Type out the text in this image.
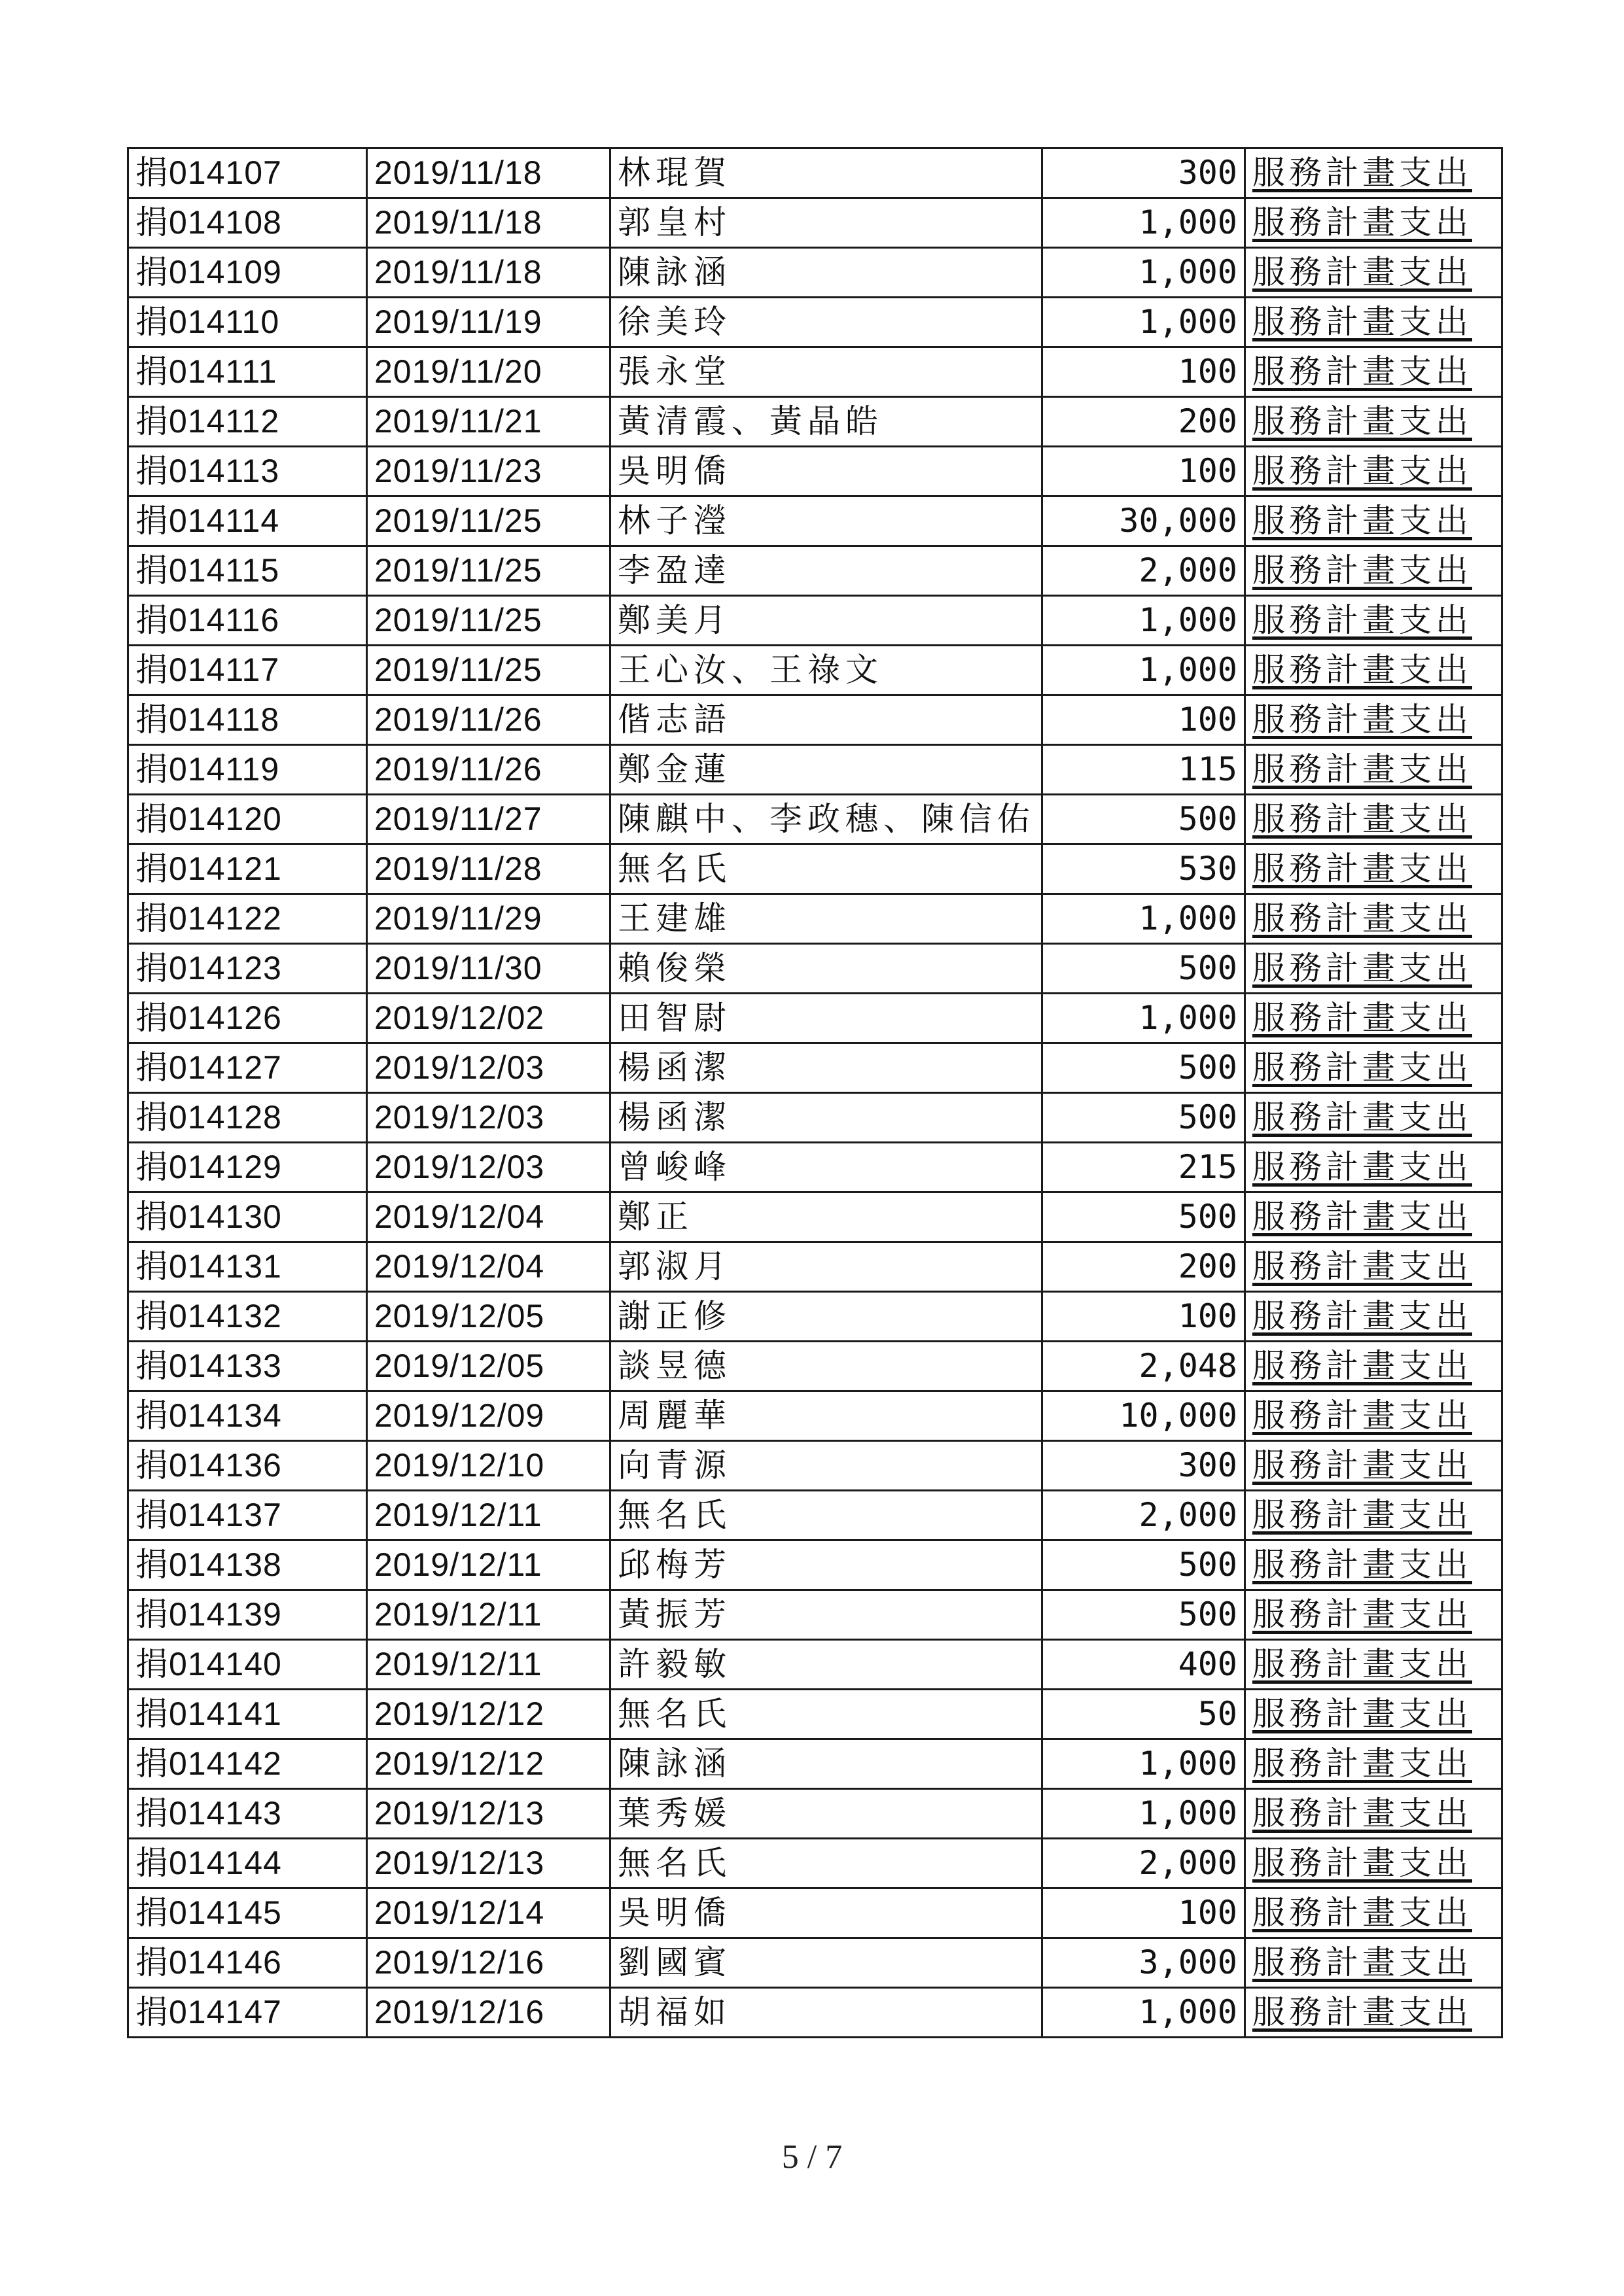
捐014107	2019/11/18	林琨賀	300	服務計畫支出
捐014108	2019/11/18	郭皇村	1,000	服務計畫支出
捐014109	2019/11/18	陳詠涵	1,000	服務計畫支出
捐014110	2019/11/19	徐美玲	1,000	服務計畫支出
捐014111	2019/11/20	張永堂	100	服務計畫支出
捐014112	2019/11/21	黃清霞、黃晶皓	200	服務計畫支出
捐014113	2019/11/23	吳明僑	100	服務計畫支出
捐014114	2019/11/25	林子瀅	30,000	服務計畫支出
捐014115	2019/11/25	李盈達	2,000	服務計畫支出
捐014116	2019/11/25	鄭美月	1,000	服務計畫支出
捐014117	2019/11/25	王心汝、王祿文	1,000	服務計畫支出
捐014118	2019/11/26	偕志語	100	服務計畫支出
捐014119	2019/11/26	鄭金蓮	115	服務計畫支出
捐014120	2019/11/27	陳麒中、李政穗、陳信佑	500	服務計畫支出
捐014121	2019/11/28	無名氏	530	服務計畫支出
捐014122	2019/11/29	王建雄	1,000	服務計畫支出
捐014123	2019/11/30	賴俊榮	500	服務計畫支出
捐014126	2019/12/02	田智尉	1,000	服務計畫支出
捐014127	2019/12/03	楊函潔	500	服務計畫支出
捐014128	2019/12/03	楊函潔	500	服務計畫支出
捐014129	2019/12/03	曾峻峰	215	服務計畫支出
捐014130	2019/12/04	鄭正	500	服務計畫支出
捐014131	2019/12/04	郭淑月	200	服務計畫支出
捐014132	2019/12/05	謝正修	100	服務計畫支出
捐014133	2019/12/05	談昱德	2,048	服務計畫支出
捐014134	2019/12/09	周麗華	10,000	服務計畫支出
捐014136	2019/12/10	向青源	300	服務計畫支出
捐014137	2019/12/11	無名氏	2,000	服務計畫支出
捐014138	2019/12/11	邱梅芳	500	服務計畫支出
捐014139	2019/12/11	黃振芳	500	服務計畫支出
捐014140	2019/12/11	許毅敏	400	服務計畫支出
捐014141	2019/12/12	無名氏	50	服務計畫支出
捐014142	2019/12/12	陳詠涵	1,000	服務計畫支出
捐014143	2019/12/13	葉秀媛	1,000	服務計畫支出
捐014144	2019/12/13	無名氏	2,000	服務計畫支出
捐014145	2019/12/14	吳明僑	100	服務計畫支出
捐014146	2019/12/16	劉國賓	3,000	服務計畫支出
捐014147	2019/12/16	胡福如	1,000	服務計畫支出
5 / 7
